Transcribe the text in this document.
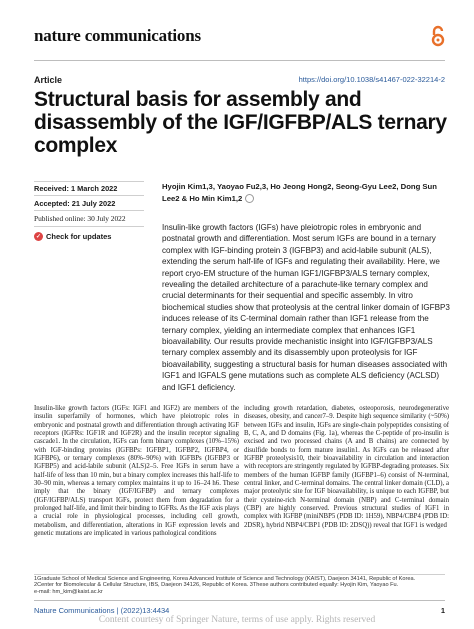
nature communications
Article	https://doi.org/10.1038/s41467-022-32214-2
Structural basis for assembly and disassembly of the IGF/IGFBP/ALS ternary complex
Received: 1 March 2022
Accepted: 21 July 2022
Published online: 30 July 2022
✓ Check for updates
Hyojin Kim1,3, Yaoyao Fu2,3, Ho Jeong Hong2, Seong-Gyu Lee2, Dong Sun Lee2 & Ho Min Kim1,2
Insulin-like growth factors (IGFs) have pleiotropic roles in embryonic and postnatal growth and differentiation. Most serum IGFs are bound in a ternary complex with IGF-binding protein 3 (IGFBP3) and acid-labile subunit (ALS), extending the serum half-life of IGFs and regulating their availability. Here, we report cryo-EM structure of the human IGF1/IGFBP3/ALS ternary complex, revealing the detailed architecture of a parachute-like ternary complex and crucial determinants for their sequential and specific assembly. In vitro biochemical studies show that proteolysis at the central linker domain of IGFBP3 induces release of its C-terminal domain rather than IGF1 release from the ternary complex, yielding an intermediate complex that enhances IGF1 bioavailability. Our results provide mechanistic insight into IGF/IGFBP3/ALS ternary complex assembly and its disassembly upon proteolysis for IGF bioavailability, suggesting a structural basis for human diseases associated with IGF1 and IGFALS gene mutations such as complete ALS deficiency (ACLSD) and IGF1 deficiency.
Insulin-like growth factors (IGFs: IGF1 and IGF2) are members of the insulin superfamily of hormones, which have pleiotropic roles in embryonic and postnatal growth and differentiation through activating IGF receptors (IGFRs: IGF1R and IGF2R) and the insulin receptor signaling cascade1. In the circulation, IGFs can form binary complexes (10%–15%) with IGF-binding proteins (IGFBPs: IGFBP1, IGFBP2, IGFBP4, or IGFBP6), or ternary complexes (80%–90%) with IGFBPs (IGFBP3 or IGFBP5) and acid-labile subunit (ALS)2–5. Free IGFs in serum have a half-life of less than 10 min, but a binary complex increases this half-life to 30–90 min, whereas a ternary complex maintains it up to 16–24 h6. These imply that the binary (IGF/IGFBP) and ternary complexes (IGF/IGFBP/ALS) transport IGFs, protect them from degradation for a prolonged half-life, and limit their binding to IGFRs. As the IGF axis plays a crucial role in physiological processes, including cell growth, metabolism, and differentiation, alterations in IGF expression levels and genetic mutations are implicated in various pathological conditions
including growth retardation, diabetes, osteoporosis, neurodegenerative diseases, obesity, and cancer7–9. Despite high sequence similarity (~50%) between IGFs and insulin, IGFs are single-chain polypeptides consisting of B, C, A, and D domains (Fig. 1a), whereas the C-peptide of pro-insulin is excised and two processed chains (A and B chains) are connected by disulfide bonds to form mature insulin1. As IGFs can be released after IGFBP proteolysis10, their bioavailability in circulation and interaction with receptors are stringently regulated by IGFBP-degrading proteases. Six members of the human IGFBP family (IGFBP1–6) consist of N-terminal, central linker, and C-terminal domains. The central linker domain (CLD), a major proteolytic site for IGF bioavailability, is unique to each IGFBP, but their cysteine-rich N-terminal domain (NBP) and C-terminal domain (CBP) are highly conserved. Previous structural studies of IGF1 in complex with IGFBP (miniNBP5 (PDB ID: 1H59), NBP4/CBP4 (PDB ID: 2DSR), hybrid NBP4/CBP1 (PDB ID: 2DSQ)) reveal that IGF1 is wedged
1Graduate School of Medical Science and Engineering, Korea Advanced Institute of Science and Technology (KAIST), Daejeon 34141, Republic of Korea.
2Center for Biomolecular & Cellular Structure, IBS, Daejeon 34126, Republic of Korea. 3These authors contributed equally: Hyojin Kim, Yaoyao Fu.
e-mail: hm_kim@kaist.ac.kr
Nature Communications | (2022)13:4434	1
Content courtesy of Springer Nature, terms of use apply. Rights reserved
